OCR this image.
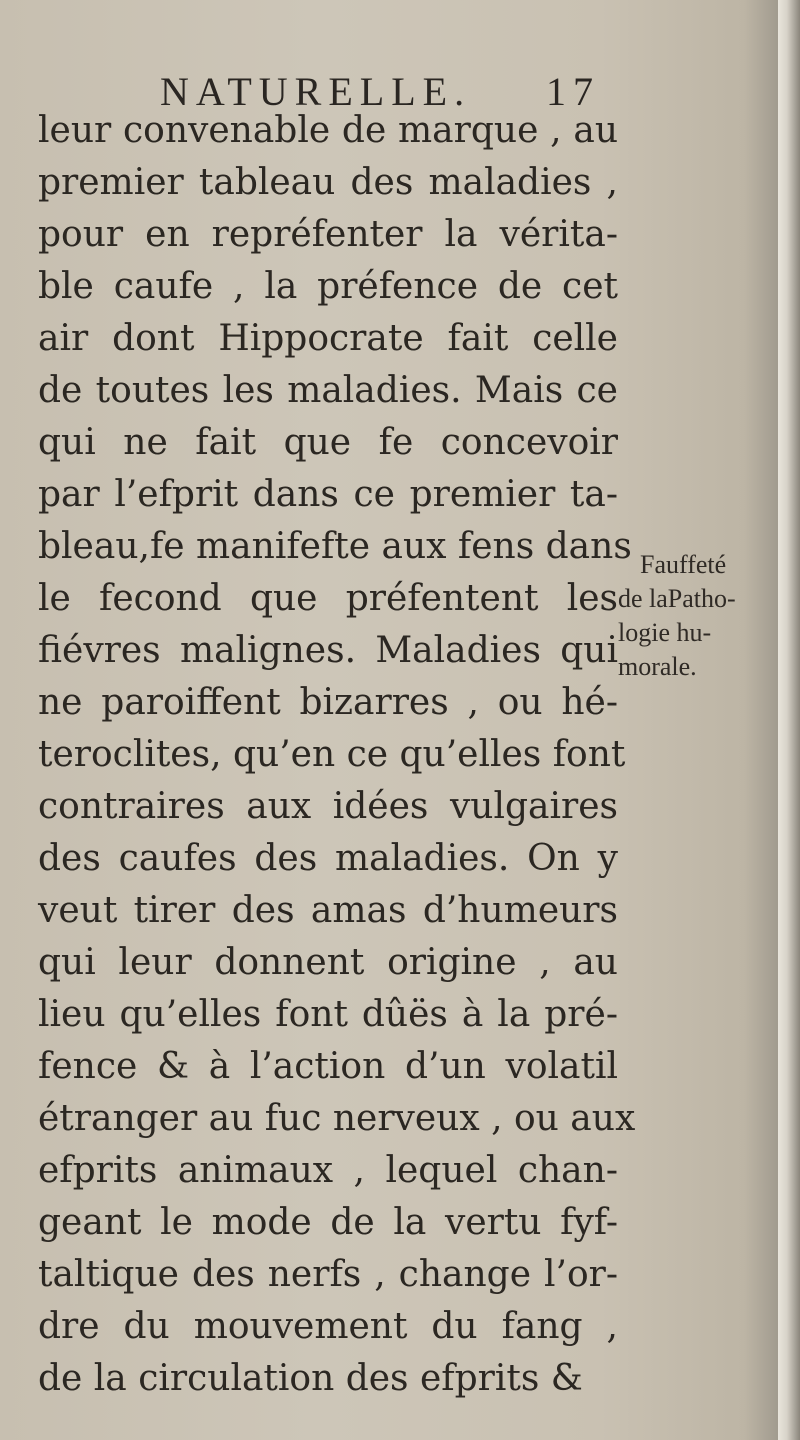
NATURELLE. 17
leur convenable de marque , au
premier tableau des maladies ,
pour en repréfenter la vérita-
ble caufe , la préfence de cet
air dont Hippocrate fait celle
de toutes les maladies. Mais ce
qui ne fait que fe concevoir
par l’efprit dans ce premier ta-
bleau,fe manifefte aux fens dans
le fecond que préfentent les
fiévres malignes. Maladies qui
ne paroiffent bizarres , ou hé-
teroclites, qu’en ce qu’elles font
contraires aux idées vulgaires
des caufes des maladies. On y
veut tirer des amas d’humeurs
qui leur donnent origine , au
lieu qu’elles font dûës à la pré-
fence & à l’action d’un volatil
étranger au fuc nerveux , ou aux
efprits animaux , lequel chan-
geant le mode de la vertu fyf-
taltique des nerfs , change l’or-
dre du mouvement du fang ,
de la circulation des efprits &
Fauffeté
de laPatho-
logie hu-
morale.
